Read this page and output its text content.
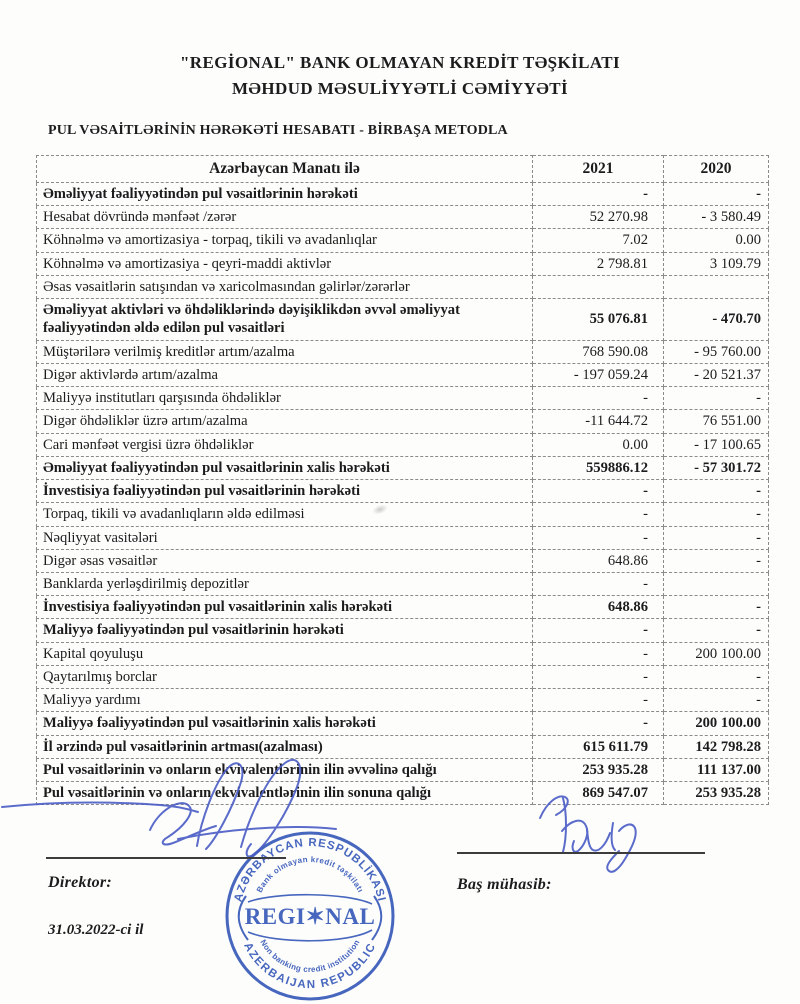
"REGİONAL" BANK OLMAYAN KREDİT TƏŞKİLATI
MƏHDUD MƏSULİYYƏTLİ CƏMİYYƏTİ
PUL VƏSAİTLƏRİNİN HƏRƏKƏTİ HESABATI - BİRBAŞA METODLA
Azərbaycan Manatı ilə	2021	2020
Əməliyyat fəaliyyətindən pul vəsaitlərinin hərəkəti	-	-
Hesabat dövründə mənfəət /zərər	52 270.98	- 3 580.49
Köhnəlmə və amortizasiya - torpaq, tikili və avadanlıqlar	7.02	0.00
Köhnəlmə və amortizasiya - qeyri-maddi aktivlər	2 798.81	3 109.79
Əsas vəsaitlərin satışından və xaricolmasından gəlirlər/zərərlər		
Əməliyyat aktivləri və öhdəliklərində dəyişiklikdən əvvəl əməliyyat fəaliyyətindən əldə edilən pul vəsaitləri	55 076.81	- 470.70
Müştərilərə verilmiş kreditlər artım/azalma	768 590.08	- 95 760.00
Digər aktivlərdə artım/azalma	- 197 059.24	- 20 521.37
Maliyyə institutları qarşısında öhdəliklər	-	-
Digər öhdəliklər üzrə artım/azalma	-11 644.72	76 551.00
Cari mənfəət vergisi üzrə öhdəliklər	0.00	- 17 100.65
Əməliyyat fəaliyyətindən pul vəsaitlərinin xalis hərəkəti	559886.12	- 57 301.72
İnvestisiya fəaliyyətindən pul vəsaitlərinin hərəkəti	-	-
Torpaq, tikili və avadanlıqların əldə edilməsi	-	-
Nəqliyyat vasitələri	-	-
Digər əsas vəsaitlər	648.86	-
Banklarda yerləşdirilmiş depozitlər	-	
İnvestisiya fəaliyyətindən pul vəsaitlərinin xalis hərəkəti	648.86	-
Maliyyə fəaliyyətindən pul vəsaitlərinin hərəkəti	-	-
Kapital qoyuluşu	-	200 100.00
Qaytarılmış borclar	-	-
Maliyyə yardımı	-	-
Maliyyə fəaliyyətindən pul vəsaitlərinin xalis hərəkəti	-	200 100.00
İl ərzində pul vəsaitlərinin artması(azalması)	615 611.79	142 798.28
Pul vəsaitlərinin və onların ekvivalentlərinin ilin əvvəlinə qalığı	253 935.28	111 137.00
Pul vəsaitlərinin və onların ekvivalentlərinin ilin sonuna qalığı	869 547.07	253 935.28
AZƏRBAYCAN RESPUBLİKASI
Bank olmayan kredit təşkilatı
Non banking credit institution
AZERBAIJAN REPUBLIC
REGI✶NAL
Direktor:	Baş mühasib:
31.03.2022-ci il
